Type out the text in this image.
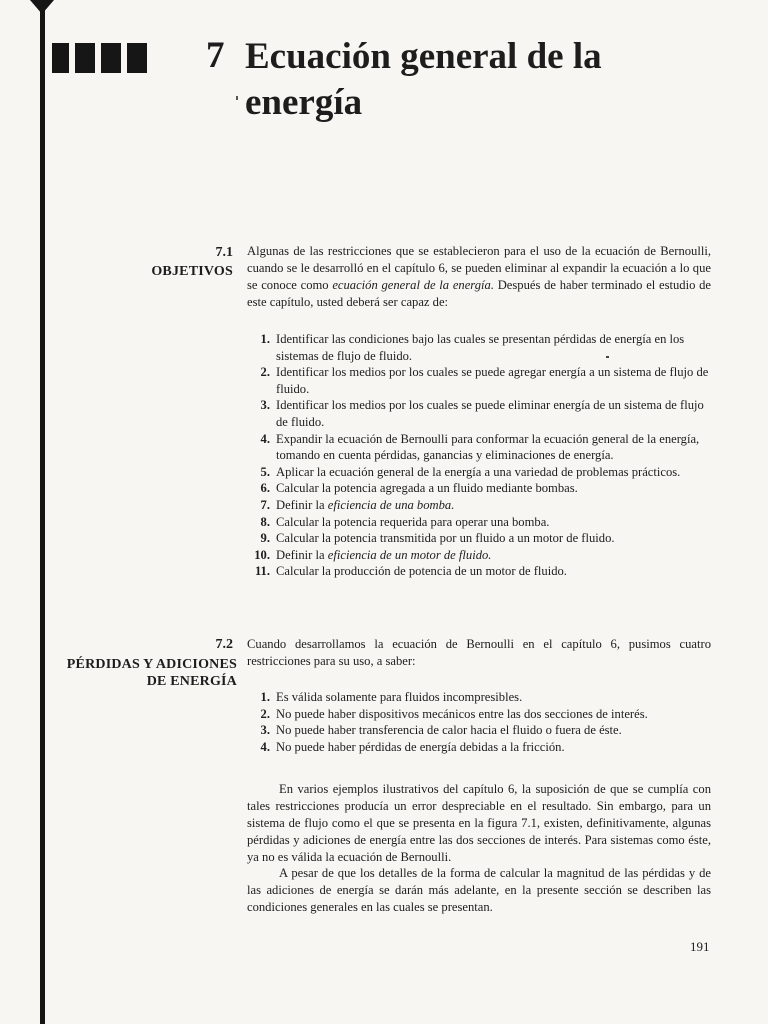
7 Ecuación general de la energía
7.1
OBJETIVOS
Algunas de las restricciones que se establecieron para el uso de la ecuación de Bernoulli, cuando se le desarrolló en el capítulo 6, se pueden eliminar al expandir la ecuación a lo que se conoce como ecuación general de la energía. Después de haber terminado el estudio de este capítulo, usted deberá ser capaz de:
1. Identificar las condiciones bajo las cuales se presentan pérdidas de energía en los sistemas de flujo de fluido.
2. Identificar los medios por los cuales se puede agregar energía a un sistema de flujo de fluido.
3. Identificar los medios por los cuales se puede eliminar energía de un sistema de flujo de fluido.
4. Expandir la ecuación de Bernoulli para conformar la ecuación general de la energía, tomando en cuenta pérdidas, ganancias y eliminaciones de energía.
5. Aplicar la ecuación general de la energía a una variedad de problemas prácticos.
6. Calcular la potencia agregada a un fluido mediante bombas.
7. Definir la eficiencia de una bomba.
8. Calcular la potencia requerida para operar una bomba.
9. Calcular la potencia transmitida por un fluido a un motor de fluido.
10. Definir la eficiencia de un motor de fluido.
11. Calcular la producción de potencia de un motor de fluido.
7.2
PÉRDIDAS Y ADICIONES
DE ENERGÍA
Cuando desarrollamos la ecuación de Bernoulli en el capítulo 6, pusimos cuatro restricciones para su uso, a saber:
1. Es válida solamente para fluidos incompresibles.
2. No puede haber dispositivos mecánicos entre las dos secciones de interés.
3. No puede haber transferencia de calor hacia el fluido o fuera de éste.
4. No puede haber pérdidas de energía debidas a la fricción.
En varios ejemplos ilustrativos del capítulo 6, la suposición de que se cumplía con tales restricciones producía un error despreciable en el resultado. Sin embargo, para un sistema de flujo como el que se presenta en la figura 7.1, existen, definitivamente, algunas pérdidas y adiciones de energía entre las dos secciones de interés. Para sistemas como éste, ya no es válida la ecuación de Bernoulli.
A pesar de que los detalles de la forma de calcular la magnitud de las pérdidas y de las adiciones de energía se darán más adelante, en la presente sección se describen las condiciones generales en las cuales se presentan.
191
